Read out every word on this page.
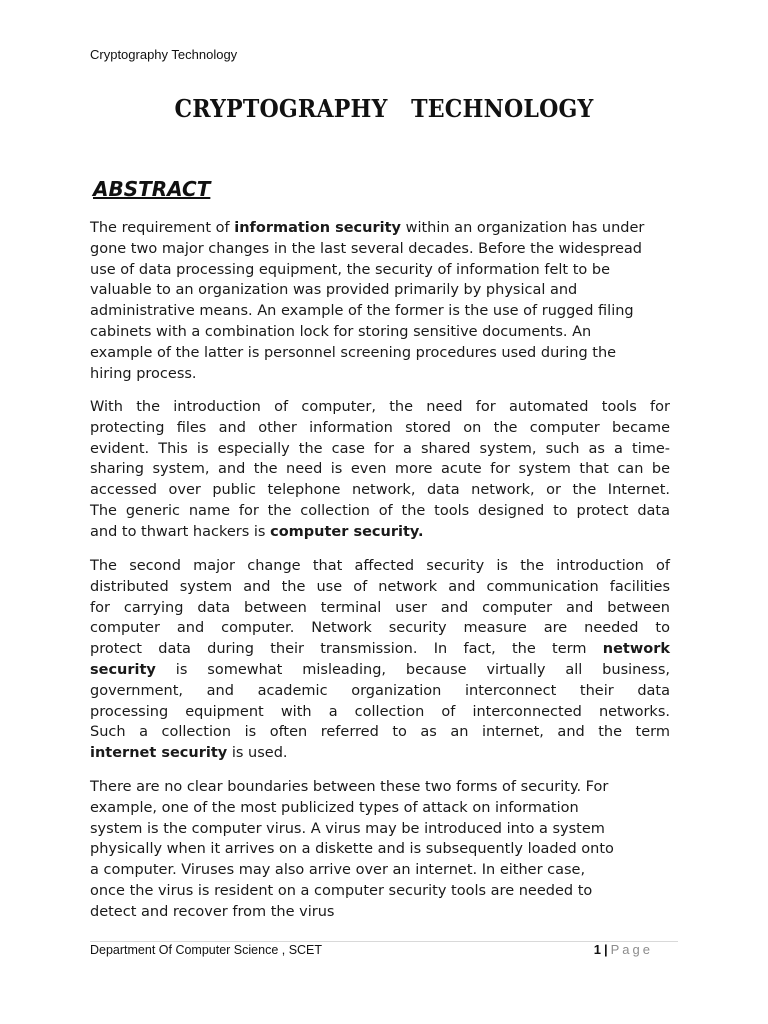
Cryptography Technology
CRYPTOGRAPHY   TECHNOLOGY
ABSTRACT
The requirement of information security within an organization has under
gone two major changes in the last several decades. Before the widespread
use of data processing equipment, the security of information felt to be
valuable to an organization was provided primarily by physical and
administrative means. An example of the former is the use of rugged filing
cabinets with a combination lock for storing sensitive documents. An
example of the latter is personnel screening procedures used during the
hiring process.
With the introduction of computer, the need for automated tools for
protecting files and other information stored on the computer became
evident. This is especially the case for a shared system, such as a time-
sharing system, and the need is even more acute for system that can be
accessed over public telephone network, data network, or the Internet.
The generic name for the collection of the tools designed to protect data
and to thwart hackers is computer security.
The second major change that affected security is the introduction of
distributed system and the use of network and communication facilities
for carrying data between terminal user and computer and between
computer and computer. Network security measure are needed to
protect data during their transmission. In fact, the term network
security is somewhat misleading, because virtually all business,
government, and academic organization interconnect their data
processing equipment with a collection of interconnected networks.
Such a collection is often referred to as an internet, and the term
internet security is used.
There are no clear boundaries between these two forms of security. For
example, one of the most publicized types of attack on information
system is the computer virus. A virus may be introduced into a system
physically when it arrives on a diskette and is subsequently loaded onto
a computer. Viruses may also arrive over an internet. In either case,
once the virus is resident on a computer security tools are needed to
detect and recover from the virus
Department Of Computer Science , SCET	1 | Page
